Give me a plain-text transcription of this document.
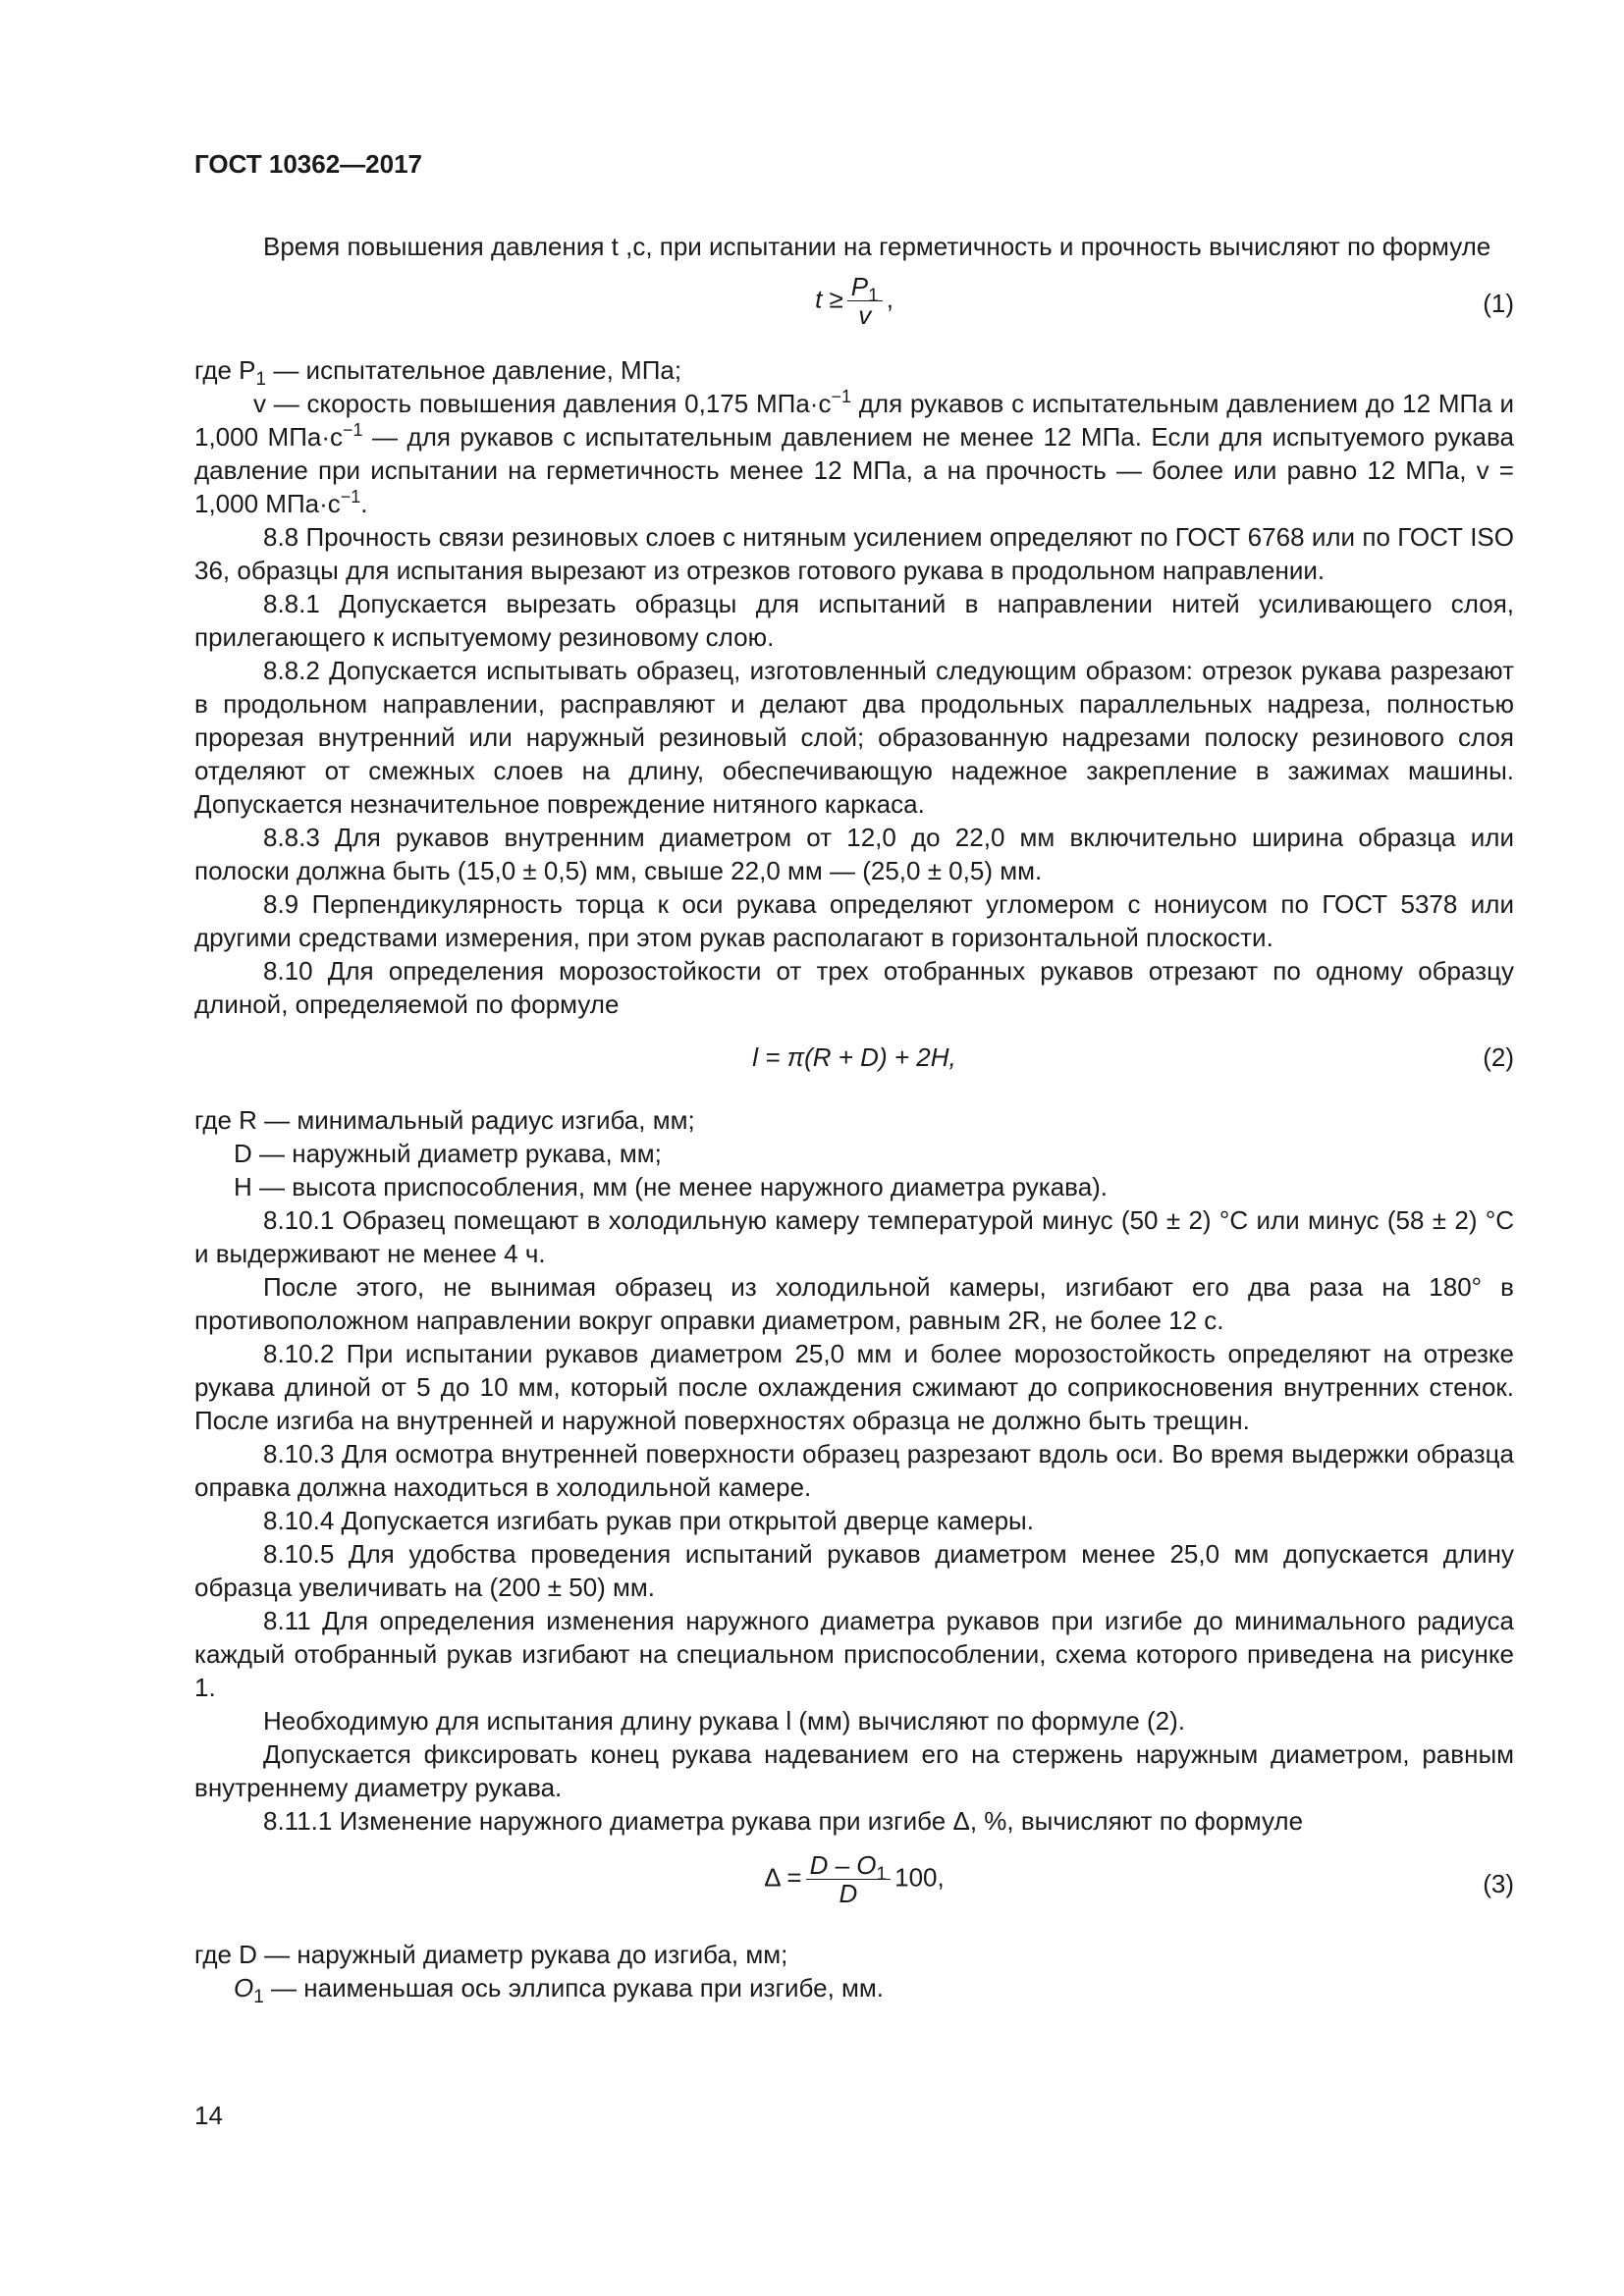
ГОСТ 10362—2017

Время повышения давления t ,с, при испытании на герметичность и прочность вычисляют по формуле

$t \ge \frac{P_1}{v}$ ,	(1)

где $P_1$ — испытательное давление, МПа;

v — скорость повышения давления 0,175 $МПа\cdot с^{-1}$ для рукавов с испытательным давлением до 12 МПа и 1,000 $МПа\cdot с^{-1}$ — для рукавов с испытательным давлением не менее 12 МПа. Если для испытуемого рукава давление при испытании на герметичность менее 12 МПа, а на прочность — более или равно 12 МПа, v = 1,000 $МПа\cdot с^{-1}$.

8.8 Прочность связи резиновых слоев с нитяным усилением определяют по ГОСТ 6768 или по ГОСТ ISO 36, образцы для испытания вырезают из отрезков готового рукава в продольном направлении.

8.8.1 Допускается вырезать образцы для испытаний в направлении нитей усиливающего слоя, прилегающего к испытуемому резиновому слою.

8.8.2 Допускается испытывать образец, изготовленный следующим образом: отрезок рукава разрезают в продольном направлении, расправляют и делают два продольных параллельных надреза, полностью прорезая внутренний или наружный резиновый слой; образованную надрезами полоску резинового слоя отделяют от смежных слоев на длину, обеспечивающую надежное закрепление в зажимах машины. Допускается незначительное повреждение нитяного каркаса.

8.8.3 Для рукавов внутренним диаметром от 12,0 до 22,0 мм включительно ширина образца или полоски должна быть (15,0 ± 0,5) мм, свыше 22,0 мм — (25,0 ± 0,5) мм.

8.9 Перпендикулярность торца к оси рукава определяют угломером с нониусом по ГОСТ 5378 или другими средствами измерения, при этом рукав располагают в горизонтальной плоскости.

8.10 Для определения морозостойкости от трех отобранных рукавов отрезают по одному образцу длиной, определяемой по формуле

l = π(R + D) + 2H,	(2)

где R — минимальный радиус изгиба, мм;

D — наружный диаметр рукава, мм;

H — высота приспособления, мм (не менее наружного диаметра рукава).

8.10.1 Образец помещают в холодильную камеру температурой минус (50 ± 2) °С или минус (58 ± 2) °С и выдерживают не менее 4 ч.

После этого, не вынимая образец из холодильной камеры, изгибают его два раза на 180° в противоположном направлении вокруг оправки диаметром, равным 2R, не более 12 с.

8.10.2 При испытании рукавов диаметром 25,0 мм и более морозостойкость определяют на отрезке рукава длиной от 5 до 10 мм, который после охлаждения сжимают до соприкосновения внутренних стенок. После изгиба на внутренней и наружной поверхностях образца не должно быть трещин.

8.10.3 Для осмотра внутренней поверхности образец разрезают вдоль оси. Во время выдержки образца оправка должна находиться в холодильной камере.

8.10.4 Допускается изгибать рукав при открытой дверце камеры.

8.10.5 Для удобства проведения испытаний рукавов диаметром менее 25,0 мм допускается длину образца увеличивать на (200 ± 50) мм.

8.11 Для определения изменения наружного диаметра рукавов при изгибе до минимального радиуса каждый отобранный рукав изгибают на специальном приспособлении, схема которого приведена на рисунке 1.

Необходимую для испытания длину рукава l (мм) вычисляют по формуле (2).

Допускается фиксировать конец рукава надеванием его на стержень наружным диаметром, равным внутреннему диаметру рукава.

8.11.1 Изменение наружного диаметра рукава при изгибе Δ, %, вычисляют по формуле

$\Delta = \frac{D - O_1}{D} 100$,	(3)

где D — наружный диаметр рукава до изгиба, мм;

$O_1$ — наименьшая ось эллипса рукава при изгибе, мм.

14
